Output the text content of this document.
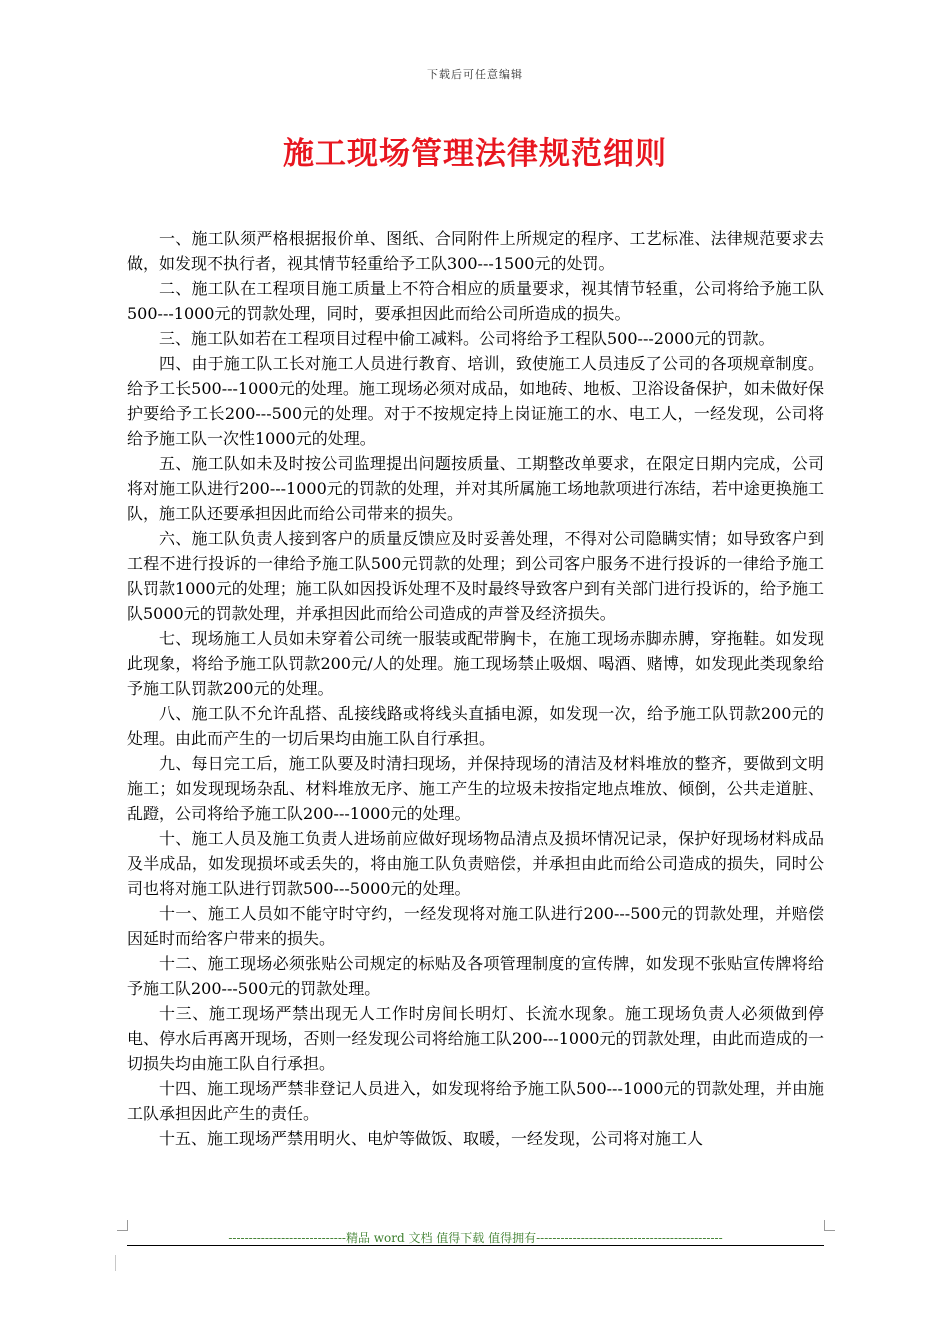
下载后可任意编辑
施工现场管理法律规范细则

一、施工队须严格根据报价单、图纸、合同附件上所规定的程序、工艺标准、法律规范要求去做，如发现不执行者，视其情节轻重给予工队300---1500元的处罚。

二、施工队在工程项目施工质量上不符合相应的质量要求，视其情节轻重，公司将给予施工队500---1000元的罚款处理，同时，要承担因此而给公司所造成的损失。

三、施工队如若在工程项目过程中偷工减料。公司将给予工程队500---2000元的罚款。

四、由于施工队工长对施工人员进行教育、培训，致使施工人员违反了公司的各项规章制度。给予工长500---1000元的处理。施工现场必须对成品，如地砖、地板、卫浴设备保护，如未做好保护要给予工长200---500元的处理。对于不按规定持上岗证施工的水、电工人，一经发现，公司将给予施工队一次性1000元的处理。

五、施工队如未及时按公司监理提出问题按质量、工期整改单要求，在限定日期内完成，公司将对施工队进行200---1000元的罚款的处理，并对其所属施工场地款项进行冻结，若中途更换施工队，施工队还要承担因此而给公司带来的损失。

六、施工队负责人接到客户的质量反馈应及时妥善处理，不得对公司隐瞒实情；如导致客户到工程不进行投诉的一律给予施工队500元罚款的处理；到公司客户服务不进行投诉的一律给予施工队罚款1000元的处理；施工队如因投诉处理不及时最终导致客户到有关部门进行投诉的，给予施工队5000元的罚款处理，并承担因此而给公司造成的声誉及经济损失。

七、现场施工人员如未穿着公司统一服装或配带胸卡，在施工现场赤脚赤膊，穿拖鞋。如发现此现象，将给予施工队罚款200元/人的处理。施工现场禁止吸烟、喝酒、赌博，如发现此类现象给予施工队罚款200元的处理。

八、施工队不允许乱搭、乱接线路或将线头直插电源，如发现一次，给予施工队罚款200元的处理。由此而产生的一切后果均由施工队自行承担。

九、每日完工后，施工队要及时清扫现场，并保持现场的清洁及材料堆放的整齐，要做到文明施工；如发现现场杂乱、材料堆放无序、施工产生的垃圾未按指定地点堆放、倾倒，公共走道脏、乱蹬，公司将给予施工队200---1000元的处理。

十、施工人员及施工负责人进场前应做好现场物品清点及损坏情况记录，保护好现场材料成品及半成品，如发现损坏或丢失的，将由施工队负责赔偿，并承担由此而给公司造成的损失，同时公司也将对施工队进行罚款500---5000元的处理。

十一、施工人员如不能守时守约，一经发现将对施工队进行200---500元的罚款处理，并赔偿因延时而给客户带来的损失。

十二、施工现场必须张贴公司规定的标贴及各项管理制度的宣传牌，如发现不张贴宣传牌将给予施工队200---500元的罚款处理。

十三、施工现场严禁出现无人工作时房间长明灯、长流水现象。施工现场负责人必须做到停电、停水后再离开现场，否则一经发现公司将给施工队200---1000元的罚款处理，由此而造成的一切损失均由施工队自行承担。

十四、施工现场严禁非登记人员进入，如发现将给予施工队500---1000元的罚款处理，并由施工队承担因此产生的责任。

十五、施工现场严禁用明火、电炉等做饭、取暖，一经发现，公司将对施工人

-----------------------------精品 word 文档 值得下载 值得拥有----------------------------------------------
